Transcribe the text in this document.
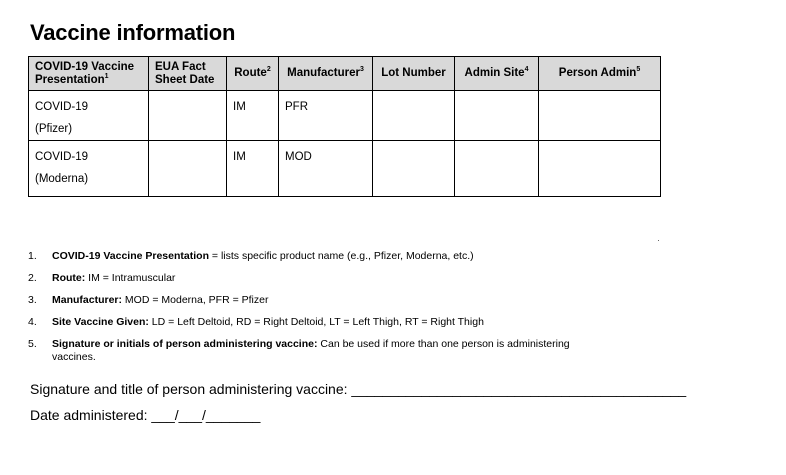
Vaccine information
COVID-19 Vaccine Presentation$^1$	EUA Fact Sheet Date	Route$^2$	Manufacturer$^3$	Lot Number	Admin Site$^4$	Person Admin$^5$

COVID-19
(Pfizer)		IM	PFR			

COVID-19
(Moderna)		IM	MOD			
1.	COVID-19 Vaccine Presentation = lists specific product name (e.g., Pfizer, Moderna, etc.)
2.	Route: IM = Intramuscular
3.	Manufacturer: MOD = Moderna, PFR = Pfizer
4.	Site Vaccine Given: LD = Left Deltoid, RD = Right Deltoid, LT = Left Thigh, RT = Right Thigh
5.	Signature or initials of person administering vaccine: Can be used if more than one person is administering vaccines.
Signature and title of person administering vaccine: ___________________________________________
Date administered: ___/___/_______
